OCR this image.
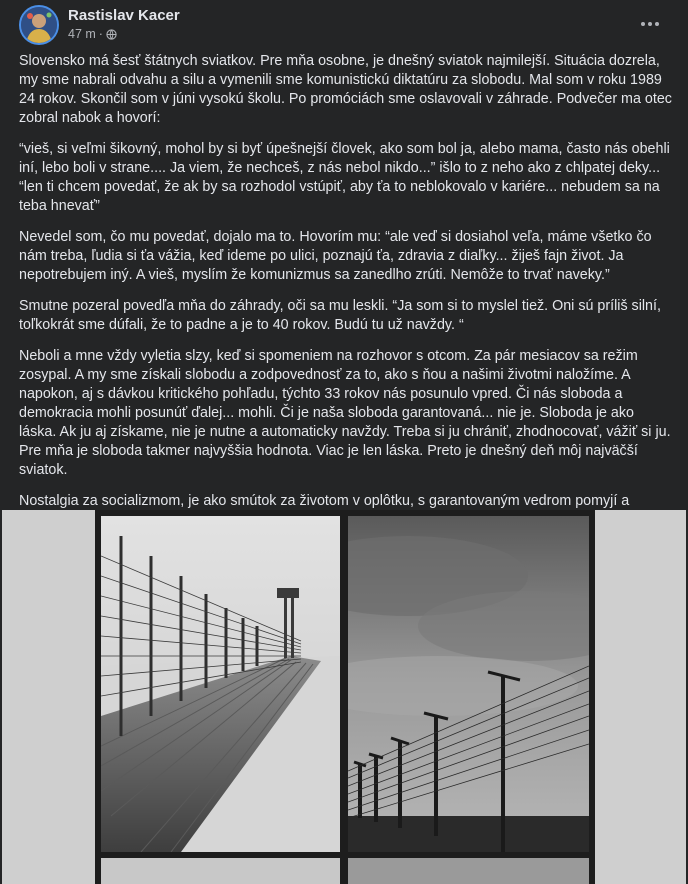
Rastislav Kacer
47 m ·

Slovensko má šesť štátnych sviatkov. Pre mňa osobne, je dnešný sviatok najmilejší. Situácia dozrela, my sme nabrali odvahu a silu a vymenili sme komunistickú diktatúru za slobodu. Mal som v roku 1989 24 rokov. Skončil som v júni vysokú školu. Po promóciách sme oslavovali v záhrade. Podvečer ma otec zobral nabok a hovorí:

“vieš, si veľmi šikovný, mohol by si byť úpešnejší človek, ako som bol ja, alebo mama, často nás obehli iní, lebo boli v strane.... Ja viem, že nechceš, z nás nebol nikdo...” išlo to z neho ako z chlpatej deky... “len ti chcem povedať, že ak by sa rozhodol vstúpiť, aby ťa to neblokovalo v kariére... nebudem sa na teba hnevať”

Nevedel som, čo mu povedať, dojalo ma to. Hovorím mu: “ale veď si dosiahol veľa, máme všetko čo nám treba, ľudia si ťa vážia, keď ideme po ulici, poznajú ťa, zdravia z diaľky... žiješ fajn život. Ja nepotrebujem iný. A vieš, myslím že komunizmus sa zanedlho zrúti. Nemôže to trvať naveky.”

Smutne pozeral povedľa mňa do záhrady, oči sa mu leskli. “Ja som si to myslel tiež. Oni sú príliš silní, toľkokrát sme dúfali, že to padne a je to 40 rokov. Budú tu už navždy. “

Neboli a mne vždy vyletia slzy, keď si spomeniem na rozhovor s otcom. Za pár mesiacov sa režim zosypal. A my sme získali slobodu a zodpovednosť za to, ako s ňou a našimi životmi naložíme. A napokon, aj s dávkou kritického pohľadu, týchto 33 rokov nás posunulo vpred. Či nás sloboda a demokracia mohli posunúť ďalej... mohli. Či je naša sloboda garantovaná... nie je. Sloboda je ako láska. Ak ju aj získame, nie je nutne a automaticky navždy. Treba si ju chrániť, zhodnocovať, vážiť si ju. Pre mňa je sloboda takmer najvyššia hodnota. Viac je len láska. Preto je dnešný deň môj najväčší sviatok.

Nostalgia za socializmom, je ako smútok za životom v oplôtku, s garantovaným vedrom pomyjí a
